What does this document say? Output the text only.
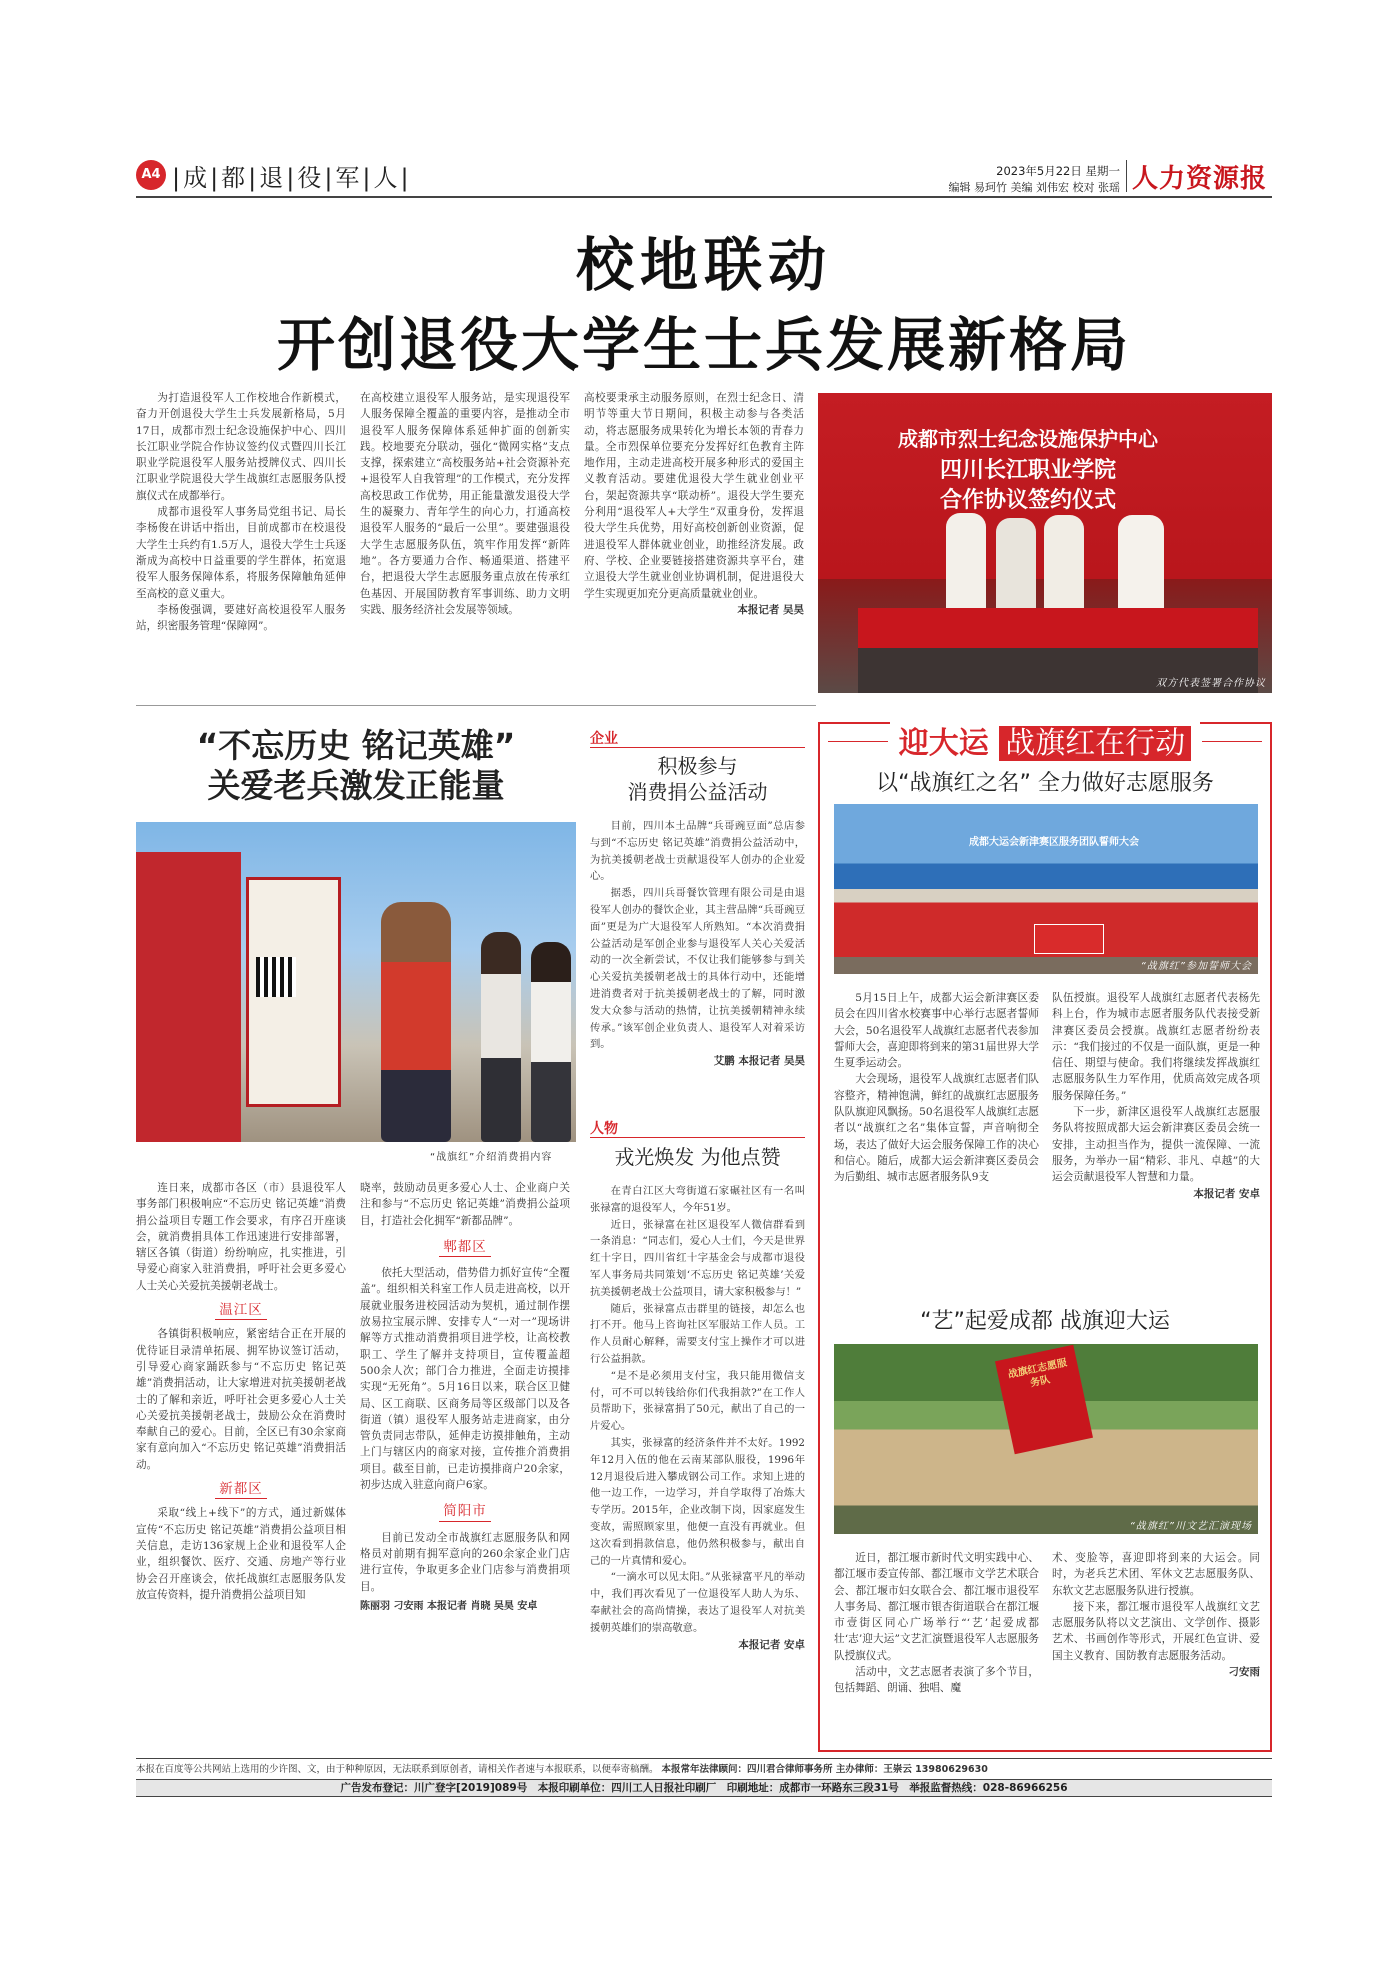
A4 |成|都|退|役|军|人|	2023年5月22日 星期一
编辑 易珂竹 美编 刘伟宏 校对 张瑶 人力资源报
校地联动
开创退役大学生士兵发展新格局

为打造退役军人工作校地合作新模式，奋力开创退役大学生士兵发展新格局，5月17日，成都市烈士纪念设施保护中心、四川长江职业学院合作协议签约仪式暨四川长江职业学院退役军人服务站授牌仪式、四川长江职业学院退役大学生战旗红志愿服务队授旗仪式在成都举行。

成都市退役军人事务局党组书记、局长李杨俊在讲话中指出，目前成都市在校退役大学生士兵约有1.5万人，退役大学生士兵逐渐成为高校中日益重要的学生群体，拓宽退役军人服务保障体系，将服务保障触角延伸至高校的意义重大。

李杨俊强调，要建好高校退役军人服务站，织密服务管理“保障网”。

在高校建立退役军人服务站，是实现退役军人服务保障全覆盖的重要内容，是推动全市退役军人服务保障体系延伸扩面的创新实践。校地要充分联动，强化“微网实格”支点支撑，探索建立“高校服务站+社会资源补充+退役军人自我管理”的工作模式，充分发挥高校思政工作优势，用正能量激发退役大学生的凝聚力、青年学生的向心力，打通高校退役军人服务的“最后一公里”。要建强退役大学生志愿服务队伍，筑牢作用发挥“新阵地”。各方要通力合作、畅通渠道、搭建平台，把退役大学生志愿服务重点放在传承红色基因、开展国防教育军事训练、助力文明实践、服务经济社会发展等领域。

高校要秉承主动服务原则，在烈士纪念日、清明节等重大节日期间，积极主动参与各类活动，将志愿服务成果转化为增长本领的青春力量。全市烈保单位要充分发挥好红色教育主阵地作用，主动走进高校开展多种形式的爱国主义教育活动。要建优退役大学生就业创业平台，架起资源共享“联动桥”。退役大学生要充分利用“退役军人+大学生”双重身份，发挥退役大学生兵优势，用好高校创新创业资源，促进退役军人群体就业创业，助推经济发展。政府、学校、企业要链接搭建资源共享平台，建立退役大学生就业创业协调机制，促进退役大学生实现更加充分更高质量就业创业。

本报记者 吴昊
成都市烈士纪念设施保护中心
四川长江职业学院
合作协议签约仪式
双方代表签署合作协议
“不忘历史 铭记英雄”
关爱老兵激发正能量
“战旗红”介绍消费捐内容

连日来，成都市各区（市）县退役军人事务部门积极响应“不忘历史 铭记英雄”消费捐公益项目专题工作会要求，有序召开座谈会，就消费捐具体工作迅速进行安排部署，辖区各镇（街道）纷纷响应，扎实推进，引导爱心商家入驻消费捐，呼吁社会更多爱心人士关心关爱抗美援朝老战士。

温江区

各镇街积极响应，紧密结合正在开展的优待证目录清单拓展、拥军协议签订活动，引导爱心商家踊跃参与“不忘历史 铭记英雄”消费捐活动，让大家增进对抗美援朝老战士的了解和亲近，呼吁社会更多爱心人士关心关爱抗美援朝老战士，鼓励公众在消费时奉献自己的爱心。目前，全区已有30余家商家有意向加入“不忘历史 铭记英雄”消费捐活动。

新都区

采取“线上+线下”的方式，通过新媒体宣传“不忘历史 铭记英雄”消费捐公益项目相关信息，走访136家规上企业和退役军人企业，组织餐饮、医疗、交通、房地产等行业协会召开座谈会，依托战旗红志愿服务队发放宣传资料，提升消费捐公益项目知

晓率，鼓励动员更多爱心人士、企业商户关注和参与“不忘历史 铭记英雄”消费捐公益项目，打造社会化拥军“新都品牌”。

郫都区

依托大型活动，借势借力抓好宣传“全覆盖”。组织相关科室工作人员走进高校，以开展就业服务进校园活动为契机，通过制作摆放易拉宝展示牌、安排专人“一对一”现场讲解等方式推动消费捐项目进学校，让高校教职工、学生了解并支持项目，宣传覆盖超500余人次；部门合力推进，全面走访摸排实现“无死角”。5月16日以来，联合区卫健局、区工商联、区商务局等区级部门以及各街道（镇）退役军人服务站走进商家，由分管负责同志带队，延伸走访摸排触角，主动上门与辖区内的商家对接，宣传推介消费捐项目。截至目前，已走访摸排商户20余家，初步达成入驻意向商户6家。

简阳市

目前已发动全市战旗红志愿服务队和网格员对前期有拥军意向的260余家企业门店进行宣传，争取更多企业门店参与消费捐项目。

陈丽羽 刁安雨 本报记者 肖晓 吴昊 安卓
企业
积极参与
消费捐公益活动

目前，四川本土品牌“兵哥豌豆面”总店参与到“不忘历史 铭记英雄”消费捐公益活动中，为抗美援朝老战士贡献退役军人创办的企业爱心。

据悉，四川兵哥餐饮管理有限公司是由退役军人创办的餐饮企业，其主营品牌“兵哥豌豆面”更是为广大退役军人所熟知。“本次消费捐公益活动是军创企业参与退役军人关心关爱活动的一次全新尝试，不仅让我们能够参与到关心关爱抗美援朝老战士的具体行动中，还能增进消费者对于抗美援朝老战士的了解，同时激发大众参与活动的热情，让抗美援朝精神永续传承。”该军创企业负责人、退役军人对着采访到。

艾鹏 本报记者 吴昊
人物
戎光焕发 为他点赞

在青白江区大弯街道石家碾社区有一名叫张禄富的退役军人，今年51岁。

近日，张禄富在社区退役军人微信群看到一条消息：“同志们，爱心人士们，今天是世界红十字日，四川省红十字基金会与成都市退役军人事务局共同策划‘不忘历史 铭记英雄’关爱抗美援朝老战士公益项目，请大家积极参与！”

随后，张禄富点击群里的链接，却怎么也打不开。他马上咨询社区军服站工作人员。工作人员耐心解释，需要支付宝上操作才可以进行公益捐款。

“是不是必须用支付宝，我只能用微信支付，可不可以转钱给你们代我捐款?”在工作人员帮助下，张禄富捐了50元，献出了自己的一片爱心。

其实，张禄富的经济条件并不太好。1992年12月入伍的他在云南某部队服役，1996年12月退役后进入攀成钢公司工作。求知上进的他一边工作，一边学习，并自学取得了冶炼大专学历。2015年，企业改制下岗，因家庭发生变故，需照顾家里，他便一直没有再就业。但这次看到捐款信息，他仍然积极参与，献出自己的一片真情和爱心。

“一滴水可以见太阳。”从张禄富平凡的举动中，我们再次看见了一位退役军人助人为乐、奉献社会的高尚情操，表达了退役军人对抗美援朝英雄们的崇高敬意。

本报记者 安卓
迎大运 战旗红在行动
以“战旗红之名” 全力做好志愿服务
成都大运会新津赛区服务团队誓师大会
“战旗红”参加誓师大会

5月15日上午，成都大运会新津赛区委员会在四川省水校赛事中心举行志愿者誓师大会，50名退役军人战旗红志愿者代表参加誓师大会，喜迎即将到来的第31届世界大学生夏季运动会。

大会现场，退役军人战旗红志愿者们队容整齐，精神饱满，鲜红的战旗红志愿服务队队旗迎风飘扬。50名退役军人战旗红志愿者以“战旗红之名”集体宣誓，声音响彻全场，表达了做好大运会服务保障工作的决心和信心。随后，成都大运会新津赛区委员会为后勤组、城市志愿者服务队9支

队伍授旗。退役军人战旗红志愿者代表杨先科上台，作为城市志愿者服务队代表接受新津赛区委员会授旗。战旗红志愿者纷纷表示：“我们接过的不仅是一面队旗，更是一种信任、期望与使命。我们将继续发挥战旗红志愿服务队生力军作用，优质高效完成各项服务保障任务。”

下一步，新津区退役军人战旗红志愿服务队将按照成都大运会新津赛区委员会统一安排，主动担当作为，提供一流保障、一流服务，为举办一届“精彩、非凡、卓越”的大运会贡献退役军人智慧和力量。

本报记者 安卓
“艺”起爱成都 战旗迎大运
战旗红志愿服务队
“战旗红”川文艺汇演现场

近日，都江堰市新时代文明实践中心、都江堰市委宣传部、都江堰市文学艺术联合会、都江堰市妇女联合会、都江堰市退役军人事务局、都江堰市银杏街道联合在都江堰市壹街区同心广场举行“‘艺’起爱成都 壮‘志’迎大运”文艺汇演暨退役军人志愿服务队授旗仪式。

活动中，文艺志愿者表演了多个节目，包括舞蹈、朗诵、独唱、魔

术、变脸等，喜迎即将到来的大运会。同时，为老兵艺术团、军休文艺志愿服务队、东软文艺志愿服务队进行授旗。

接下来，都江堰市退役军人战旗红文艺志愿服务队将以文艺演出、文学创作、摄影艺术、书画创作等形式，开展红色宣讲、爱国主义教育、国防教育志愿服务活动。

刁安雨
本报在百度等公共网站上选用的少许图、文，由于种种原因，无法联系到原创者，请相关作者速与本报联系，以便奉寄稿酬。 本报常年法律顾问：四川君合律师事务所 主办律师：王崇云 13980629630
广告发布登记：川广登字[2019]089号　本报印刷单位：四川工人日报社印刷厂　印刷地址：成都市一环路东三段31号　举报监督热线：028-86966256
